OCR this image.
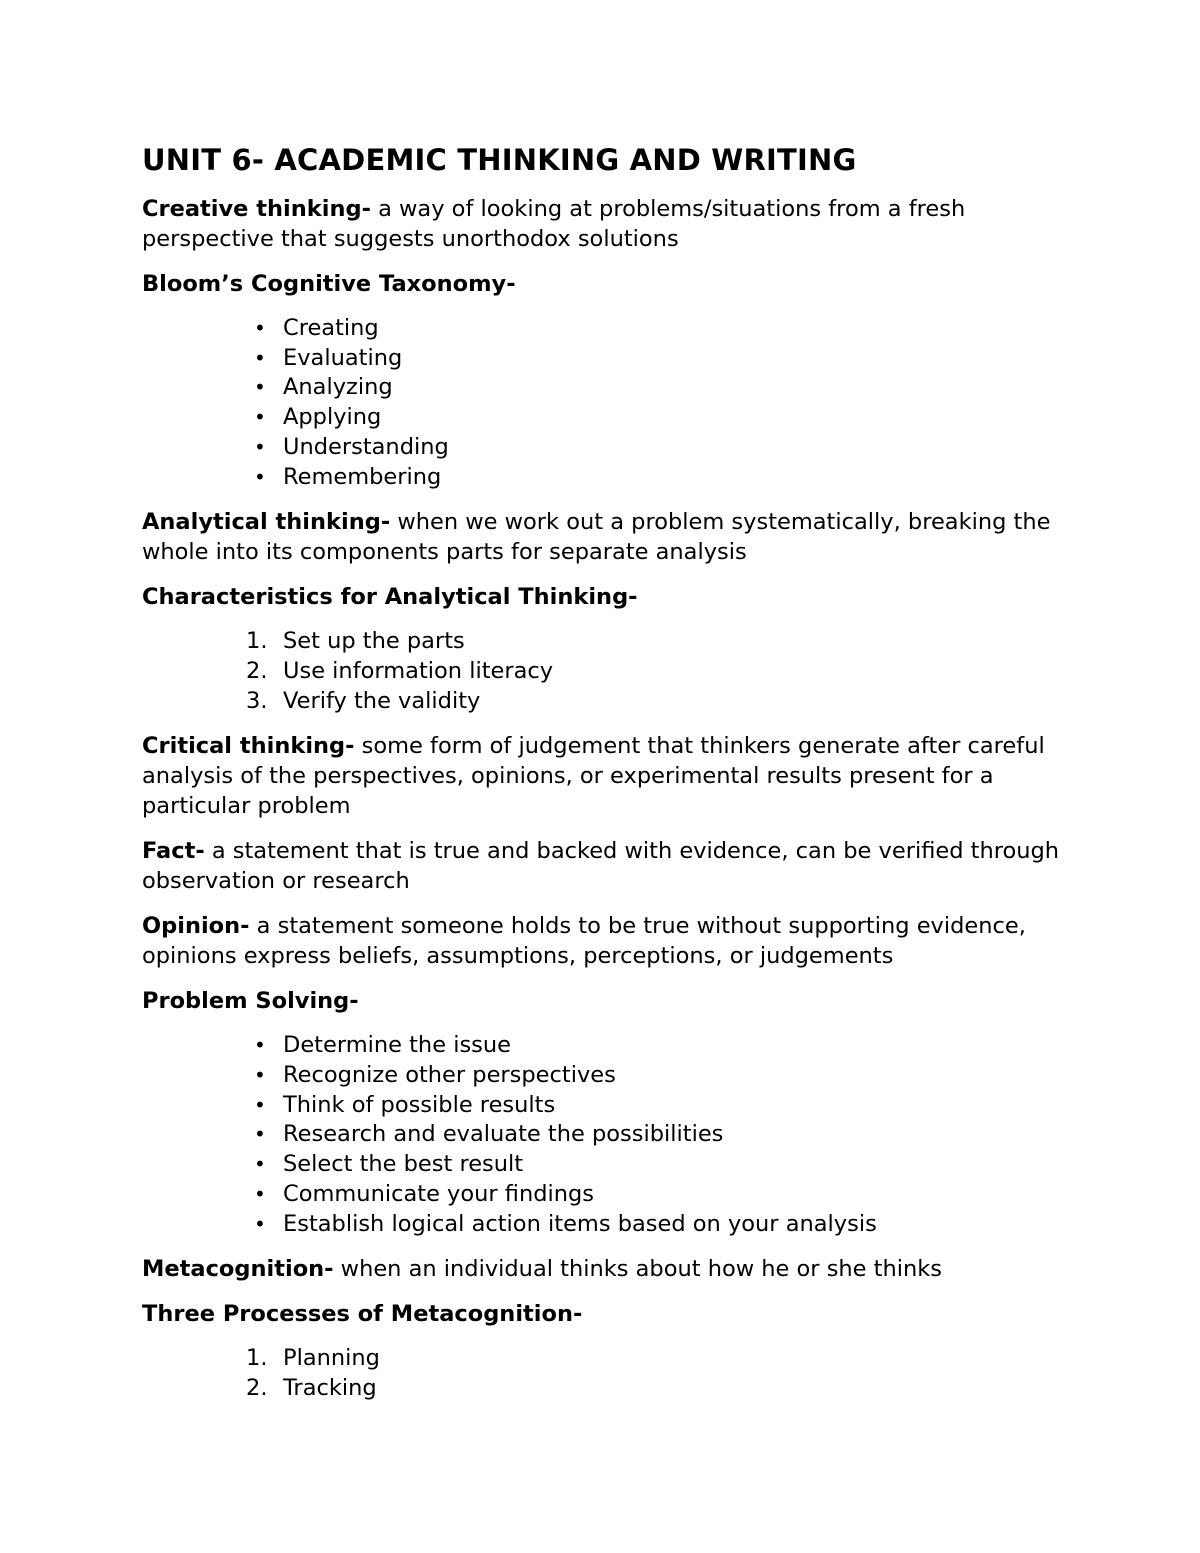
UNIT 6- ACADEMIC THINKING AND WRITING

Creative thinking- a way of looking at problems/situations from a fresh perspective that suggests unorthodox solutions

Bloom’s Cognitive Taxonomy-
• Creating
• Evaluating
• Analyzing
• Applying
• Understanding
• Remembering

Analytical thinking- when we work out a problem systematically, breaking the whole into its components parts for separate analysis

Characteristics for Analytical Thinking-
1. Set up the parts
2. Use information literacy
3. Verify the validity

Critical thinking- some form of judgement that thinkers generate after careful analysis of the perspectives, opinions, or experimental results present for a particular problem

Fact- a statement that is true and backed with evidence, can be verified through observation or research

Opinion- a statement someone holds to be true without supporting evidence, opinions express beliefs, assumptions, perceptions, or judgements

Problem Solving-
• Determine the issue
• Recognize other perspectives
• Think of possible results
• Research and evaluate the possibilities
• Select the best result
• Communicate your findings
• Establish logical action items based on your analysis

Metacognition- when an individual thinks about how he or she thinks

Three Processes of Metacognition-
1. Planning
2. Tracking
